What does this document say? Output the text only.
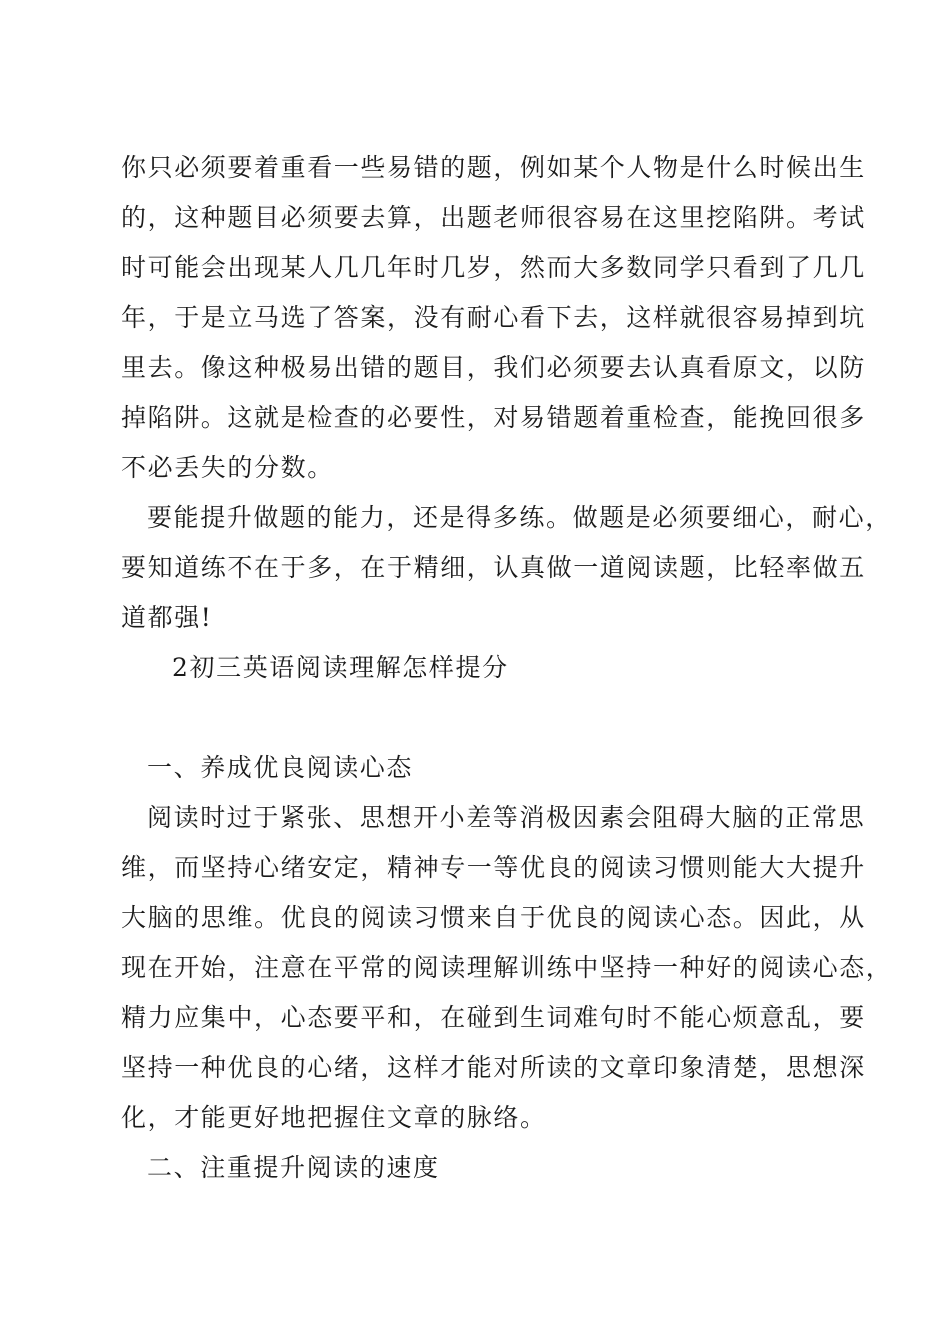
你只必须要着重看一些易错的题，例如某个人物是什么时候出生
的，这种题目必须要去算，出题老师很容易在这里挖陷阱。考试
时可能会出现某人几几年时几岁，然而大多数同学只看到了几几
年，于是立马选了答案，没有耐心看下去，这样就很容易掉到坑
里去。像这种极易出错的题目，我们必须要去认真看原文，以防
掉陷阱。这就是检查的必要性，对易错题着重检查，能挽回很多
不必丢失的分数。
要能提升做题的能力，还是得多练。做题是必须要细心，耐心，
要知道练不在于多，在于精细，认真做一道阅读题，比轻率做五
道都强!
2初三英语阅读理解怎样提分
一、养成优良阅读心态
阅读时过于紧张、思想开小差等消极因素会阻碍大脑的正常思
维，而坚持心绪安定，精神专一等优良的阅读习惯则能大大提升
大脑的思维。优良的阅读习惯来自于优良的阅读心态。因此，从
现在开始，注意在平常的阅读理解训练中坚持一种好的阅读心态，
精力应集中，心态要平和，在碰到生词难句时不能心烦意乱，要
坚持一种优良的心绪，这样才能对所读的文章印象清楚，思想深
化，才能更好地把握住文章的脉络。
二、注重提升阅读的速度
